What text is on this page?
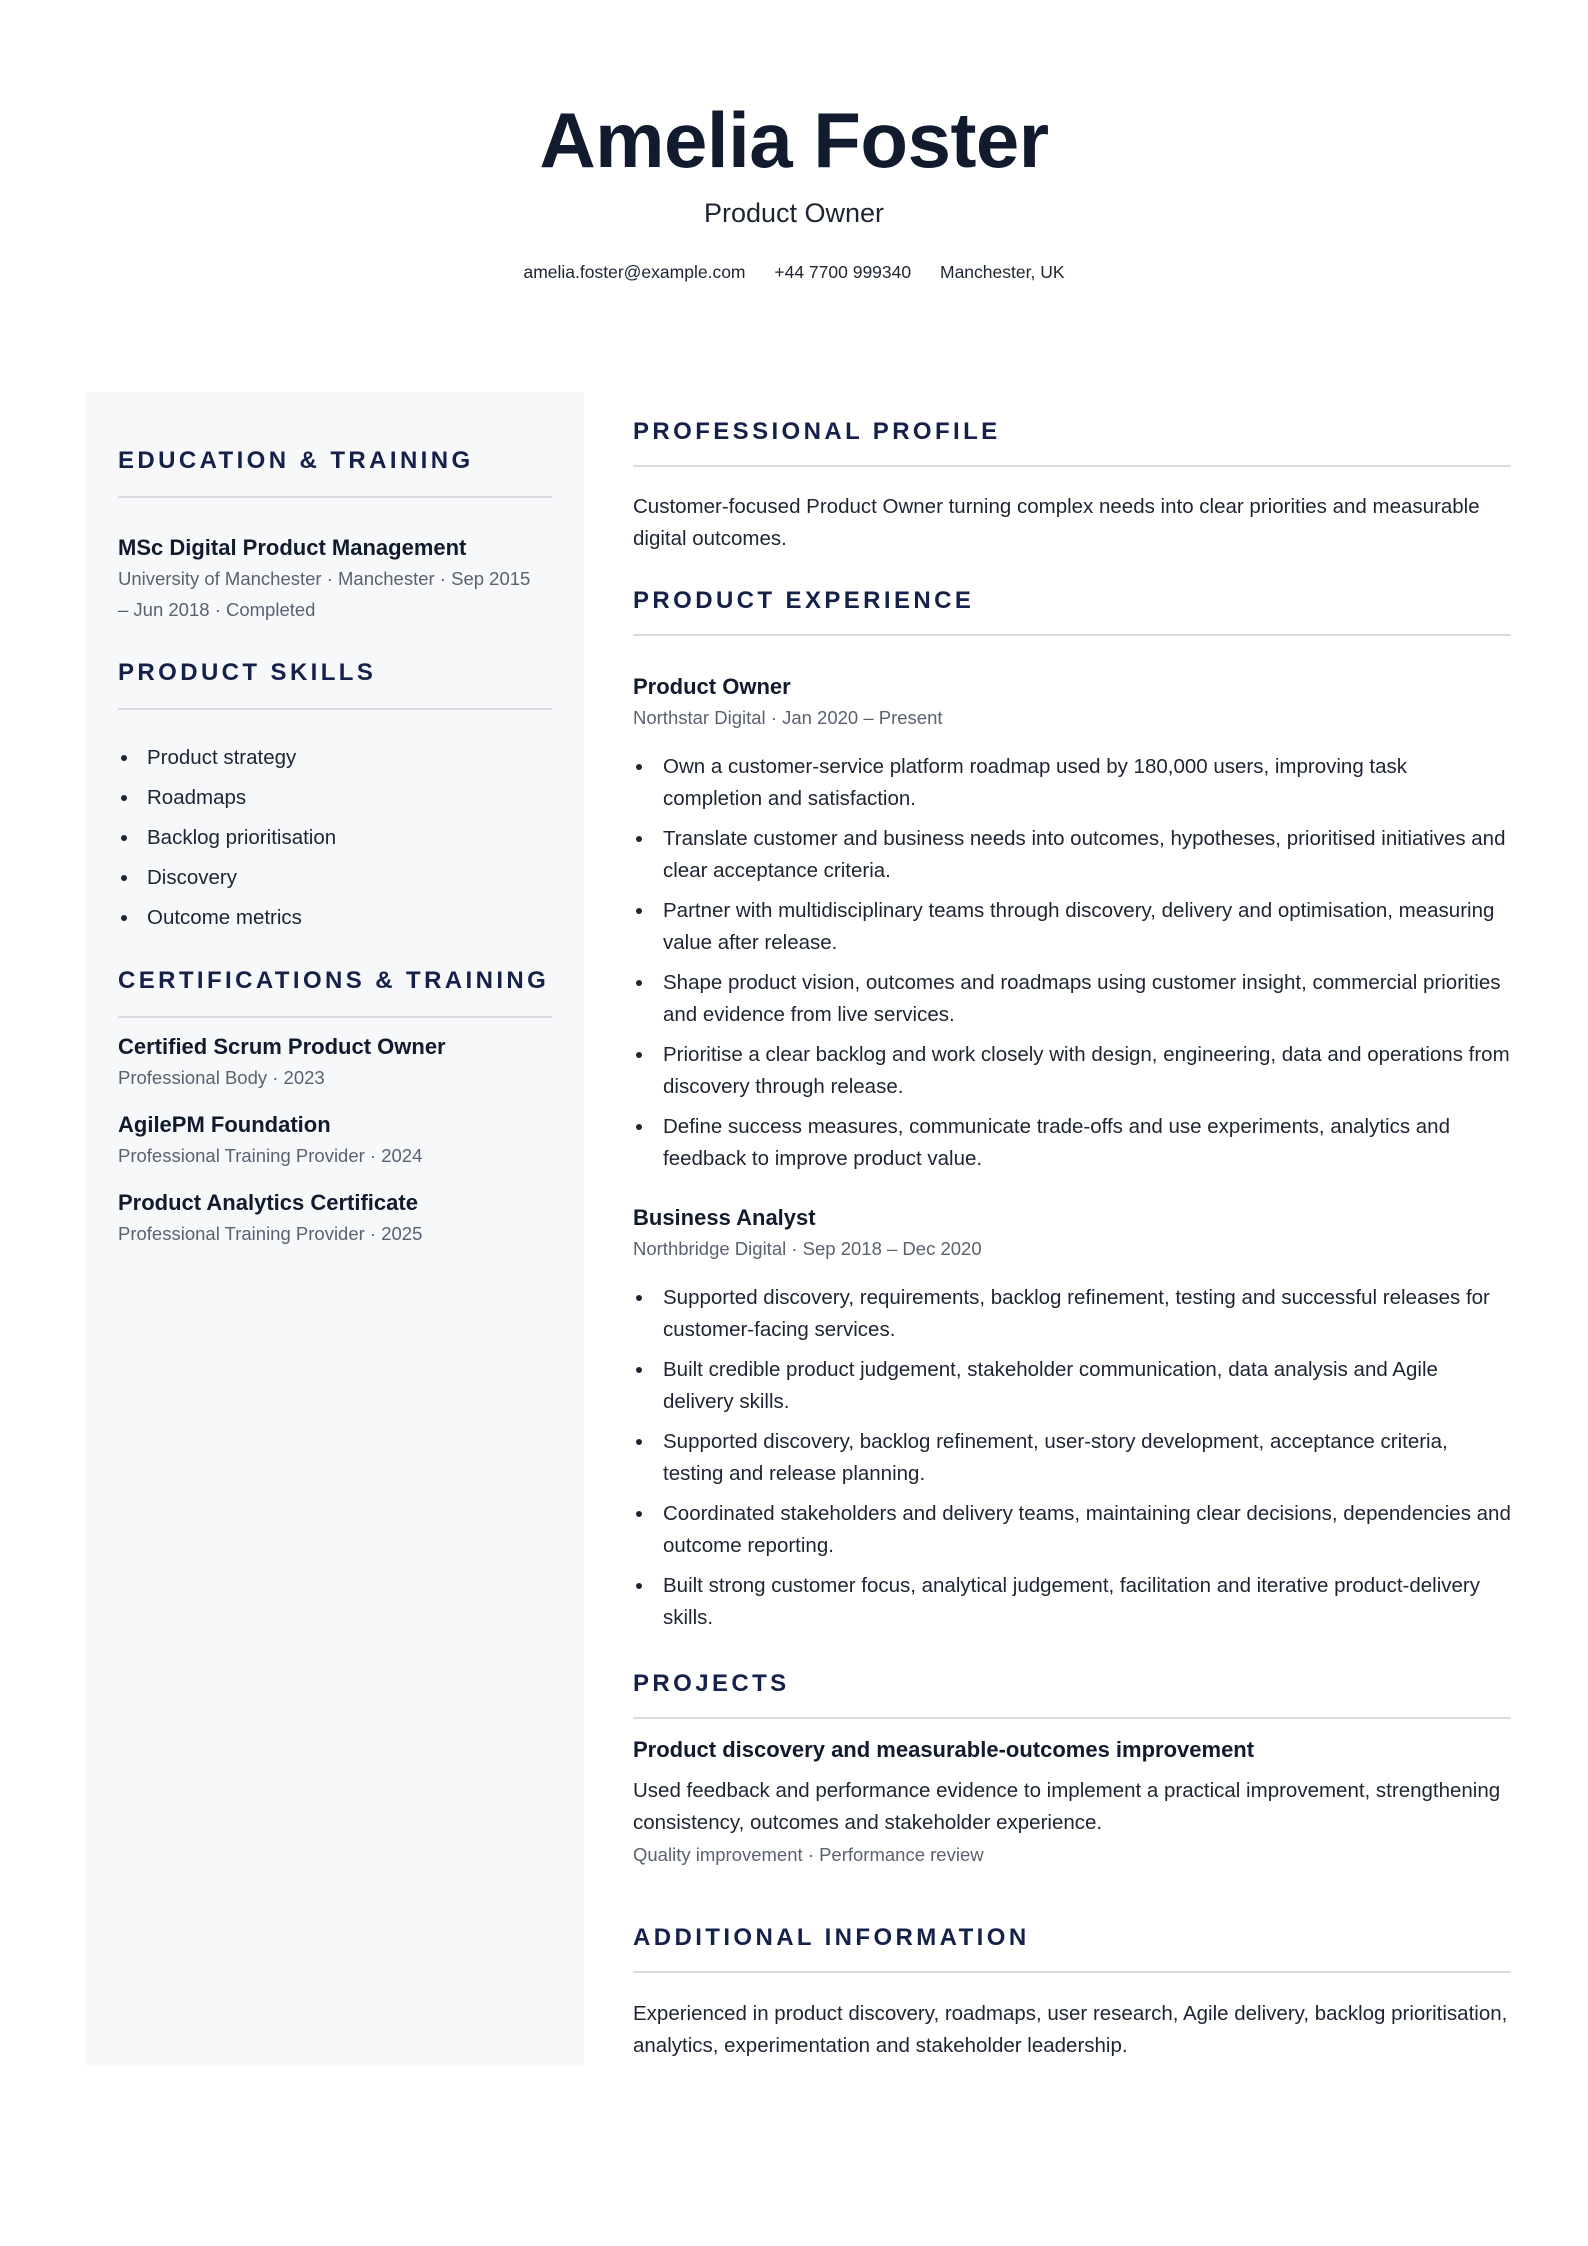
Amelia Foster
Product Owner
amelia.foster@example.com +44 7700 999340 Manchester, UK
EDUCATION & TRAINING
MSc Digital Product Management
University of Manchester · Manchester · Sep 2015
– Jun 2018 · Completed
PRODUCT SKILLS
Product strategy
Roadmaps
Backlog prioritisation
Discovery
Outcome metrics
CERTIFICATIONS & TRAINING
Certified Scrum Product Owner
Professional Body · 2023
AgilePM Foundation
Professional Training Provider · 2024
Product Analytics Certificate
Professional Training Provider · 2025
PROFESSIONAL PROFILE
Customer-focused Product Owner turning complex needs into clear priorities and measurable digital outcomes.
PRODUCT EXPERIENCE
Product Owner
Northstar Digital · Jan 2020 – Present
Own a customer-service platform roadmap used by 180,000 users, improving task completion and satisfaction.
Translate customer and business needs into outcomes, hypotheses, prioritised initiatives and clear acceptance criteria.
Partner with multidisciplinary teams through discovery, delivery and optimisation, measuring value after release.
Shape product vision, outcomes and roadmaps using customer insight, commercial priorities and evidence from live services.
Prioritise a clear backlog and work closely with design, engineering, data and operations from discovery through release.
Define success measures, communicate trade-offs and use experiments, analytics and feedback to improve product value.
Business Analyst
Northbridge Digital · Sep 2018 – Dec 2020
Supported discovery, requirements, backlog refinement, testing and successful releases for customer-facing services.
Built credible product judgement, stakeholder communication, data analysis and Agile delivery skills.
Supported discovery, backlog refinement, user-story development, acceptance criteria, testing and release planning.
Coordinated stakeholders and delivery teams, maintaining clear decisions, dependencies and outcome reporting.
Built strong customer focus, analytical judgement, facilitation and iterative product-delivery skills.
PROJECTS
Product discovery and measurable-outcomes improvement
Used feedback and performance evidence to implement a practical improvement, strengthening consistency, outcomes and stakeholder experience.
Quality improvement · Performance review
ADDITIONAL INFORMATION
Experienced in product discovery, roadmaps, user research, Agile delivery, backlog prioritisation, analytics, experimentation and stakeholder leadership.
